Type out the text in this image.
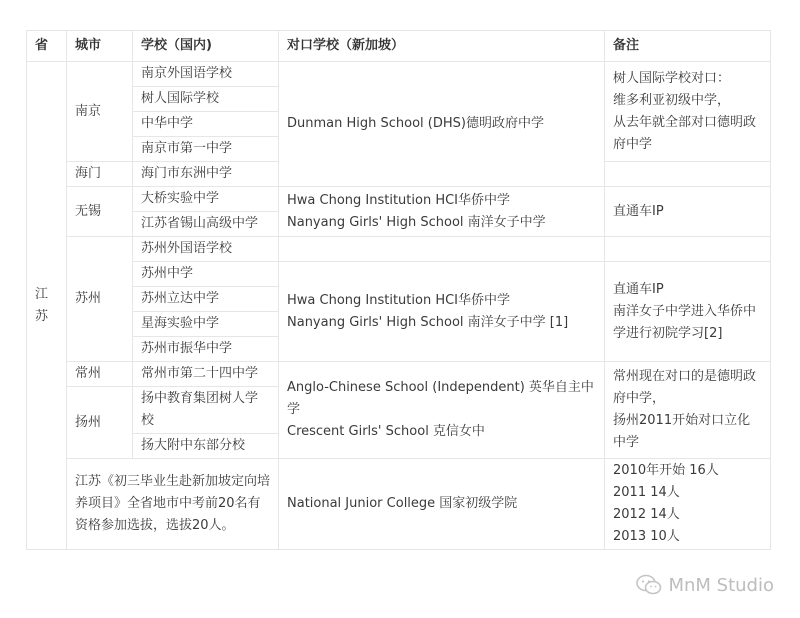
省	城市	学校（国内)	对口学校（新加坡）	备注

江苏	南京	南京外国语学校	Dunman High School (DHS)德明政府中学	树人国际学校对口：
维多利亚初级中学，
从去年就全部对口德明政府中学

		树人国际学校		
		中华中学		
		南京市第一中学		
	海门	海门市东洲中学		
	无锡	大桥实验中学	Hwa Chong Institution HCI华侨中学
Nanyang Girls' High School 南洋女子中学	直通车IP
		江苏省锡山高级中学		
	苏州	苏州外国语学校		
		苏州中学	Hwa Chong Institution HCI华侨中学
Nanyang Girls' High School 南洋女子中学 [1]	直通车IP
南洋女子中学进入华侨中学进行初院学习[2]

		苏州立达中学		
		星海实验中学		
		苏州市振华中学		
	常州	常州市第二十四中学	Anglo-Chinese School (Independent) 英华自主中学
Crescent Girls' School 克信女中	常州现在对口的是德明政府中学，
扬州2011开始对口立化中学

	扬州	扬中教育集团树人学校		
		扬大附中东部分校		
	江苏《初三毕业生赴新加坡定向培养项目》全省地市中考前20名有资格参加选拔，选拔20人。		National Junior College 国家初级学院	2010年开始 16人
2011 14人
2012 14人
2013 10人
MnM Studio
